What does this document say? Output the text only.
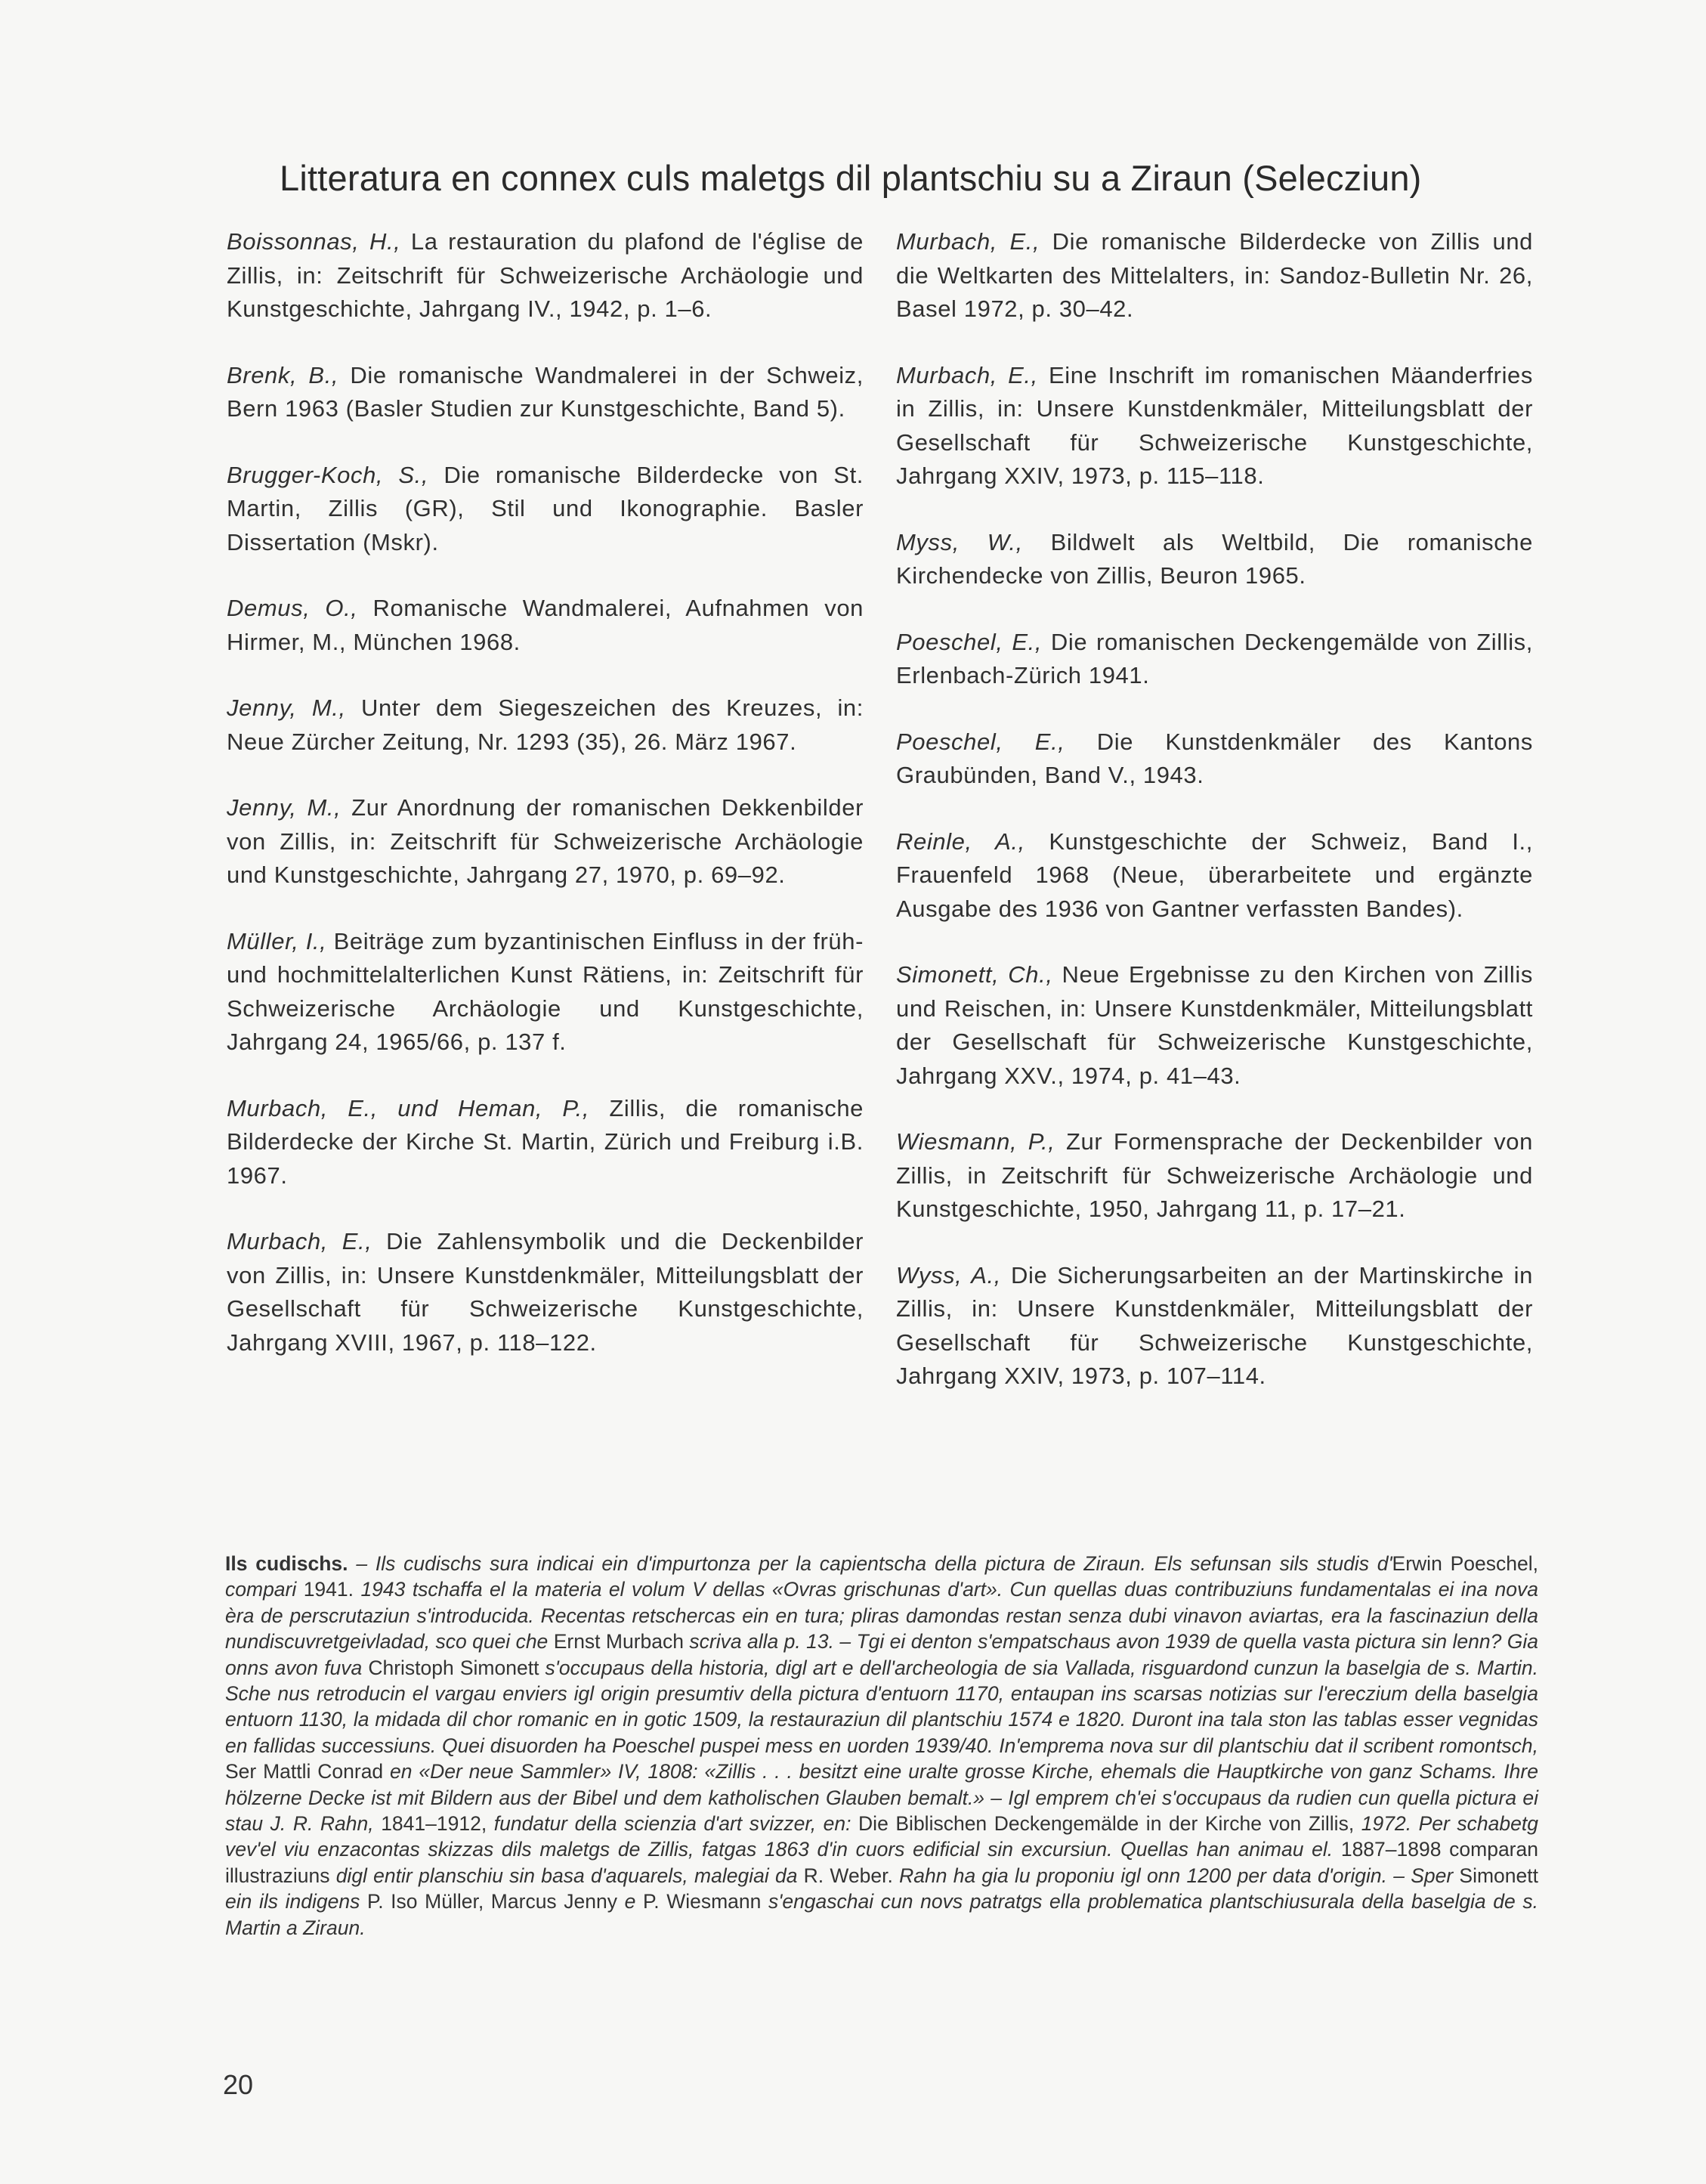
Litteratura en connex culs maletgs dil plantschiu su a Ziraun (Selecziun)

Boissonnas, H., La restauration du plafond de l'église de Zillis, in: Zeitschrift für Schweizerische Archäologie und Kunstgeschichte, Jahrgang IV., 1942, p. 1–6.

Brenk, B., Die romanische Wandmalerei in der Schweiz, Bern 1963 (Basler Studien zur Kunstgeschichte, Band 5).

Brugger-Koch, S., Die romanische Bilderdecke von St. Martin, Zillis (GR), Stil und Ikonographie. Basler Dissertation (Mskr).

Demus, O., Romanische Wandmalerei, Aufnahmen von Hirmer, M., München 1968.

Jenny, M., Unter dem Siegeszeichen des Kreuzes, in: Neue Zürcher Zeitung, Nr. 1293 (35), 26. März 1967.

Jenny, M., Zur Anordnung der romanischen Dekkenbilder von Zillis, in: Zeitschrift für Schweizerische Archäologie und Kunstgeschichte, Jahrgang 27, 1970, p. 69–92.

Müller, I., Beiträge zum byzantinischen Einfluss in der früh- und hochmittelalterlichen Kunst Rätiens, in: Zeitschrift für Schweizerische Archäologie und Kunstgeschichte, Jahrgang 24, 1965/66, p. 137 f.

Murbach, E., und Heman, P., Zillis, die romanische Bilderdecke der Kirche St. Martin, Zürich und Freiburg i.B. 1967.

Murbach, E., Die Zahlensymbolik und die Deckenbilder von Zillis, in: Unsere Kunstdenkmäler, Mitteilungsblatt der Gesellschaft für Schweizerische Kunstgeschichte, Jahrgang XVIII, 1967, p. 118–122.

Murbach, E., Die romanische Bilderdecke von Zillis und die Weltkarten des Mittelalters, in: Sandoz-Bulletin Nr. 26, Basel 1972, p. 30–42.

Murbach, E., Eine Inschrift im romanischen Mäanderfries in Zillis, in: Unsere Kunstdenkmäler, Mitteilungsblatt der Gesellschaft für Schweizerische Kunstgeschichte, Jahrgang XXIV, 1973, p. 115–118.

Myss, W., Bildwelt als Weltbild, Die romanische Kirchendecke von Zillis, Beuron 1965.

Poeschel, E., Die romanischen Deckengemälde von Zillis, Erlenbach-Zürich 1941.

Poeschel, E., Die Kunstdenkmäler des Kantons Graubünden, Band V., 1943.

Reinle, A., Kunstgeschichte der Schweiz, Band I., Frauenfeld 1968 (Neue, überarbeitete und ergänzte Ausgabe des 1936 von Gantner verfassten Bandes).

Simonett, Ch., Neue Ergebnisse zu den Kirchen von Zillis und Reischen, in: Unsere Kunstdenkmäler, Mitteilungsblatt der Gesellschaft für Schweizerische Kunstgeschichte, Jahrgang XXV., 1974, p. 41–43.

Wiesmann, P., Zur Formensprache der Deckenbilder von Zillis, in Zeitschrift für Schweizerische Archäologie und Kunstgeschichte, 1950, Jahrgang 11, p. 17–21.

Wyss, A., Die Sicherungsarbeiten an der Martinskirche in Zillis, in: Unsere Kunstdenkmäler, Mitteilungsblatt der Gesellschaft für Schweizerische Kunstgeschichte, Jahrgang XXIV, 1973, p. 107–114.

Ils cudischs. – Ils cudischs sura indicai ein d'impurtonza per la capientscha della pictura de Ziraun. Els sefunsan sils studis d'Erwin Poeschel, compari 1941. 1943 tschaffa el la materia el volum V dellas «Ovras grischunas d'art». Cun quellas duas contribuziuns fundamentalas ei ina nova èra de perscrutaziun s'introducida. Recentas retschercas ein en tura; pliras damondas restan senza dubi vinavon aviartas, era la fascinaziun della nundiscuvretgeivladad, sco quei che Ernst Murbach scriva alla p. 13. – Tgi ei denton s'empatschaus avon 1939 de quella vasta pictura sin lenn? Gia onns avon fuva Christoph Simonett s'occupaus della historia, digl art e dell'archeologia de sia Vallada, risguardond cunzun la baselgia de s. Martin. Sche nus retroducin el vargau enviers igl origin presumtiv della pictura d'entuorn 1170, entaupan ins scarsas notizias sur l'ereczium della baselgia entuorn 1130, la midada dil chor romanic en in gotic 1509, la restauraziun dil plantschiu 1574 e 1820. Duront ina tala ston las tablas esser vegnidas en fallidas successiuns. Quei disuorden ha Poeschel puspei mess en uorden 1939/40. In'emprema nova sur dil plantschiu dat il scribent romontsch, Ser Mattli Conrad en «Der neue Sammler» IV, 1808: «Zillis . . . besitzt eine uralte grosse Kirche, ehemals die Hauptkirche von ganz Schams. Ihre hölzerne Decke ist mit Bildern aus der Bibel und dem katholischen Glauben bemalt.» – Igl emprem ch'ei s'occupaus da rudien cun quella pictura ei stau J. R. Rahn, 1841–1912, fundatur della scienzia d'art svizzer, en: Die Biblischen Deckengemälde in der Kirche von Zillis, 1972. Per schabetg vev'el viu enzacontas skizzas dils maletgs de Zillis, fatgas 1863 d'in cuors edificial sin excursiun. Quellas han animau el. 1887–1898 comparan illustraziuns digl entir planschiu sin basa d'aquarels, malegiai da R. Weber. Rahn ha gia lu proponiu igl onn 1200 per data d'origin. – Sper Simonett ein ils indigens P. Iso Müller, Marcus Jenny e P. Wiesmann s'engaschai cun novs patratgs ella problematica plantschiusurala della baselgia de s. Martin a Ziraun.

20
